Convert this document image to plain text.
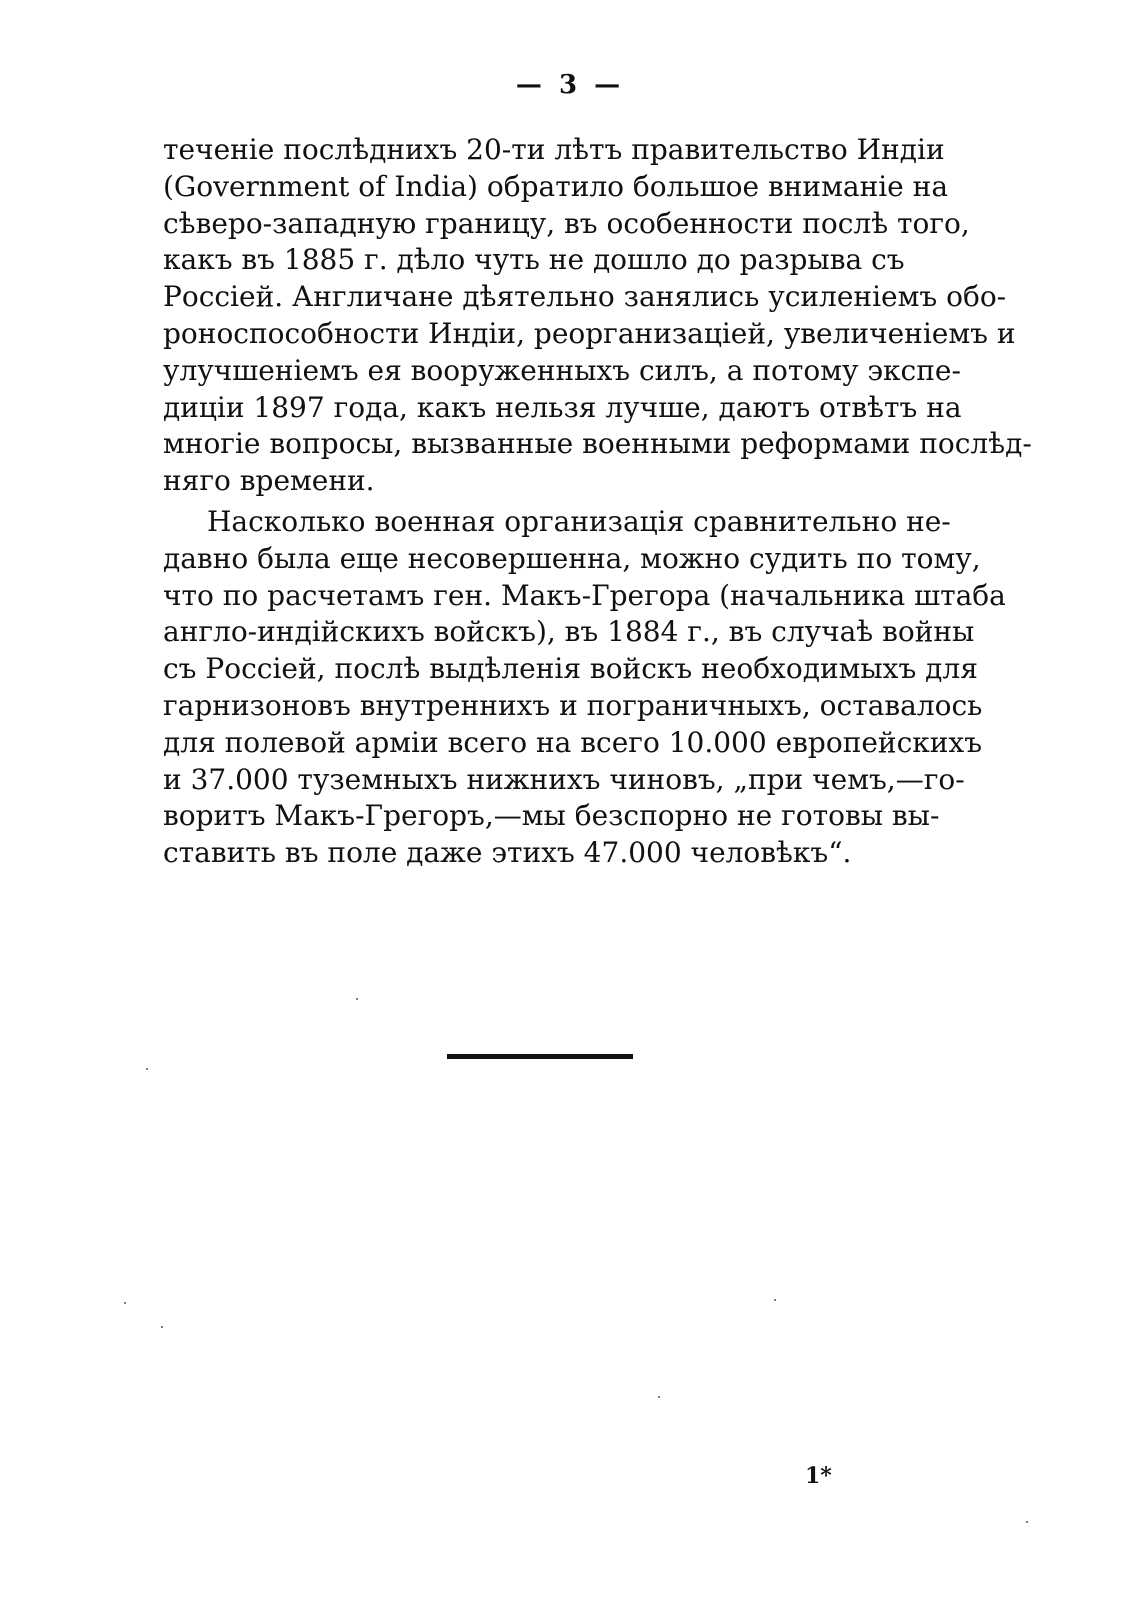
— 3 —
теченіе послѣднихъ 20-ти лѣтъ правительство Индіи
(Government of India) обратило большое вниманіе на
сѣверо-западную границу, въ особенности послѣ того,
какъ въ 1885 г. дѣло чуть не дошло до разрыва съ
Россіей. Англичане дѣятельно занялись усиленіемъ обо-
роноспособности Индіи, реорганизацiей, увеличеніемъ и
улучшеніемъ ея вооруженныхъ силъ, а потому экспе-
диціи 1897 года, какъ нельзя лучше, даютъ отвѣтъ на
многіе вопросы, вызванные военными реформами послѣд-
няго времени.
Насколько военная организація сравнительно не-
давно была еще несовершенна, можно судить по тому,
что по расчетамъ ген. Макъ-Грегора (начальника штаба
англо-индійскихъ войскъ), въ 1884 г., въ случаѣ войны
съ Россіей, послѣ выдѣленія войскъ необходимыхъ для
гарнизоновъ внутреннихъ и пограничныхъ, оставалось
для полевой арміи всего на всего 10.000 европейскихъ
и 37.000 туземныхъ нижнихъ чиновъ, „при чемъ,—го-
воритъ Макъ-Грегоръ,—мы безспорно не готовы вы-
ставить въ поле даже этихъ 47.000 человѣкъ“.
1*
